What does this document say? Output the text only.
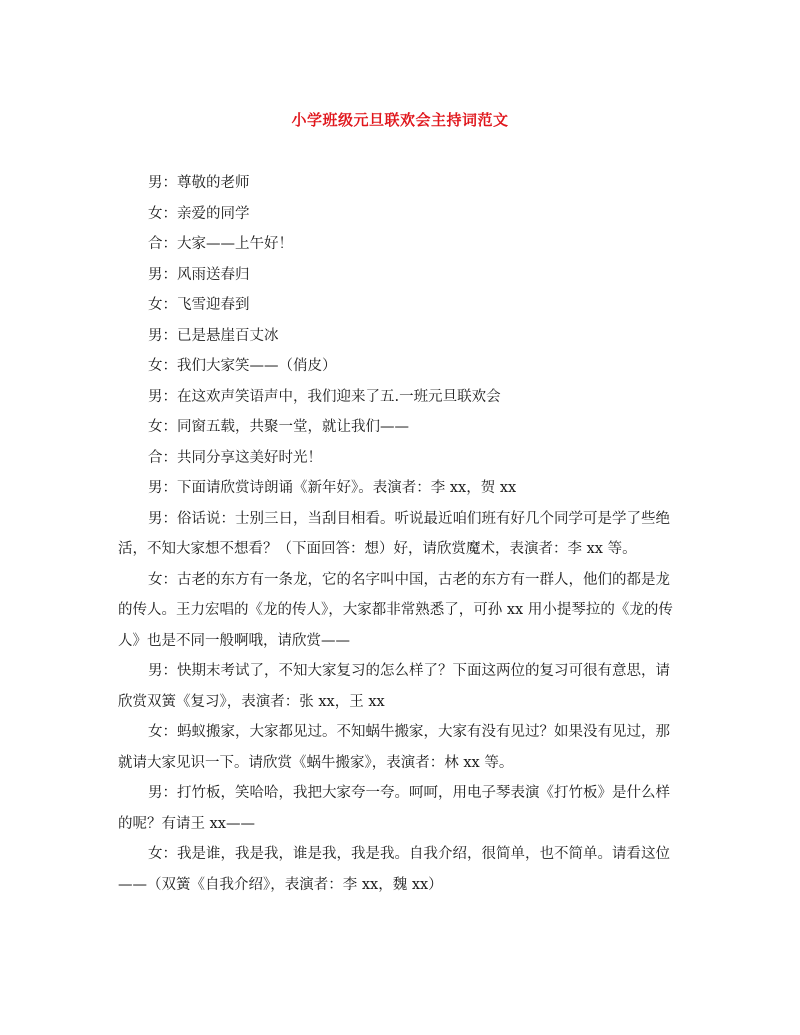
小学班级元旦联欢会主持词范文

男：尊敬的老师

女：亲爱的同学

合：大家——上午好！

男：风雨送春归

女：飞雪迎春到

男：已是悬崖百丈冰

女：我们大家笑——（俏皮）

男：在这欢声笑语声中，我们迎来了五.一班元旦联欢会

女：同窗五载，共聚一堂，就让我们——

合：共同分享这美好时光！

男：下面请欣赏诗朗诵《新年好》。表演者：李 xx，贺 xx

男：俗话说：士别三日，当刮目相看。听说最近咱们班有好几个同学可是学了些绝活，不知大家想不想看？（下面回答：想）好，请欣赏魔术，表演者：李 xx 等。

女：古老的东方有一条龙，它的名字叫中国，古老的东方有一群人，他们的都是龙的传人。王力宏唱的《龙的传人》，大家都非常熟悉了，可孙 xx 用小提琴拉的《龙的传人》也是不同一般啊哦，请欣赏——

男：快期末考试了，不知大家复习的怎么样了？下面这两位的复习可很有意思，请欣赏双簧《复习》，表演者：张 xx，王 xx

女：蚂蚁搬家，大家都见过。不知蜗牛搬家，大家有没有见过？如果没有见过，那就请大家见识一下。请欣赏《蜗牛搬家》，表演者：林 xx 等。

男：打竹板，笑哈哈，我把大家夸一夸。呵呵，用电子琴表演《打竹板》是什么样的呢？有请王 xx——

女：我是谁，我是我，谁是我，我是我。自我介绍，很简单，也不简单。请看这位——（双簧《自我介绍》，表演者：李 xx，魏 xx）
